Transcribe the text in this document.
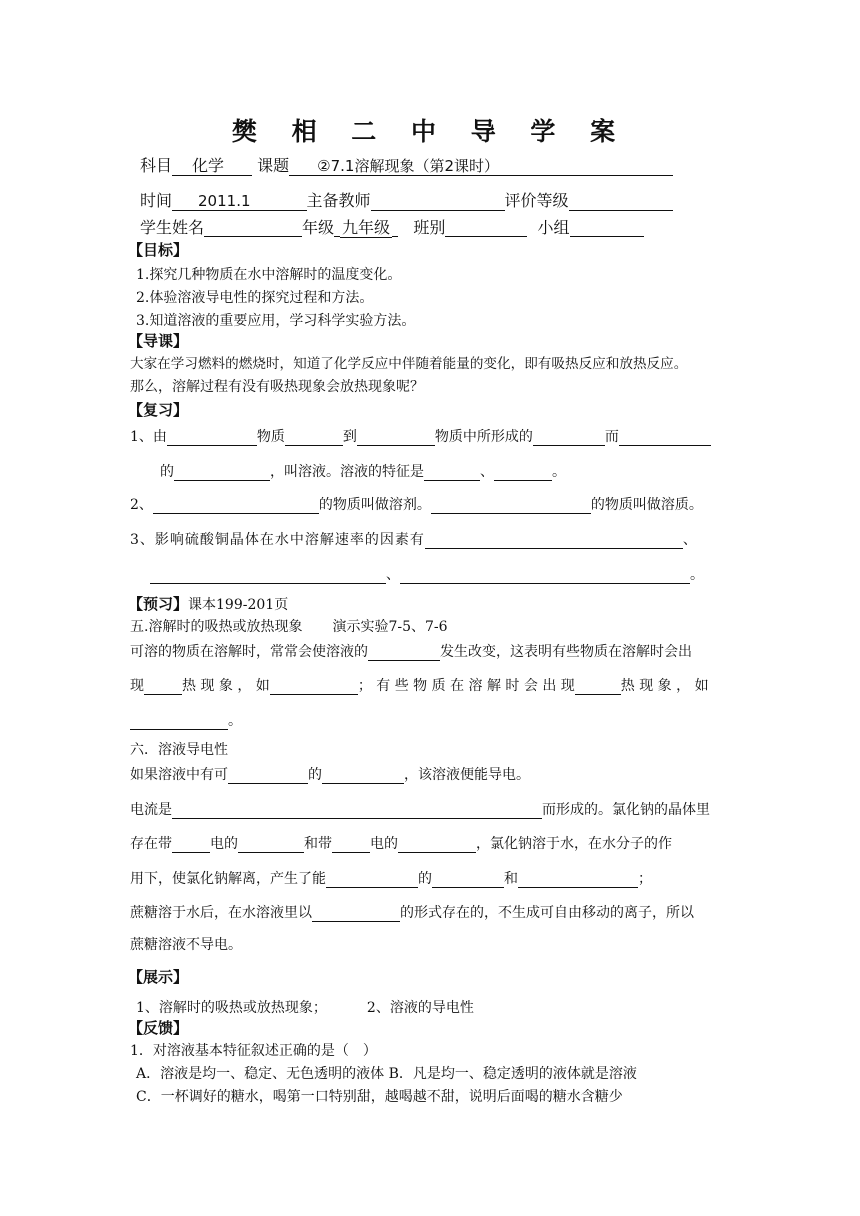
樊 相 二 中 导 学 案
科目 化学 课题 ②7.1溶解现象（第2课时）
时间 2011.1	主备教师	评价等级
学生姓名	年级 九年级 班别	小组
【目标】
1.探究几种物质在水中溶解时的温度变化。
2.体验溶液导电性的探究过程和方法。
3.知道溶液的重要应用，学习科学实验方法。
【导课】
大家在学习燃料的燃烧时，知道了化学反应中伴随着能量的变化，即有吸热反应和放热反应。
那么，溶解过程有没有吸热现象会放热现象呢？
【复习】
1、由	物质	到	物质中所形成的	而
的	，叫溶液。溶液的特征是	、	。
2、	的物质叫做溶剂。	的物质叫做溶质。
3、影响硫酸铜晶体在水中溶解速率的因素有	、
、	。
【预习】课本199-201页
五.溶解时的吸热或放热现象 演示实验7-5、7-6
可溶的物质在溶解时，常常会使溶液的	发生改变，这表明有些物质在溶解时会出
现	热 现 象 ， 如	； 有 些 物 质 在 溶 解 时 会 出 现	热 现 象 ， 如
。
六．溶液导电性
如果溶液中有可	的	，该溶液便能导电。
电流是	而形成的。氯化钠的晶体里
存在带	电的	和带	电的	，氯化钠溶于水，在水分子的作
用下，使氯化钠解离，产生了能	的	和	；
蔗糖溶于水后，在水溶液里以	的形式存在的，不生成可自由移动的离子，所以
蔗糖溶液不导电。
【展示】
1、溶解时的吸热或放热现象；	2、溶液的导电性
【反馈】
1．对溶液基本特征叙述正确的是（　）
A．溶液是均一、稳定、无色透明的液体 B．凡是均一、稳定透明的液体就是溶液
C．一杯调好的糖水，喝第一口特别甜，越喝越不甜，说明后面喝的糖水含糖少
